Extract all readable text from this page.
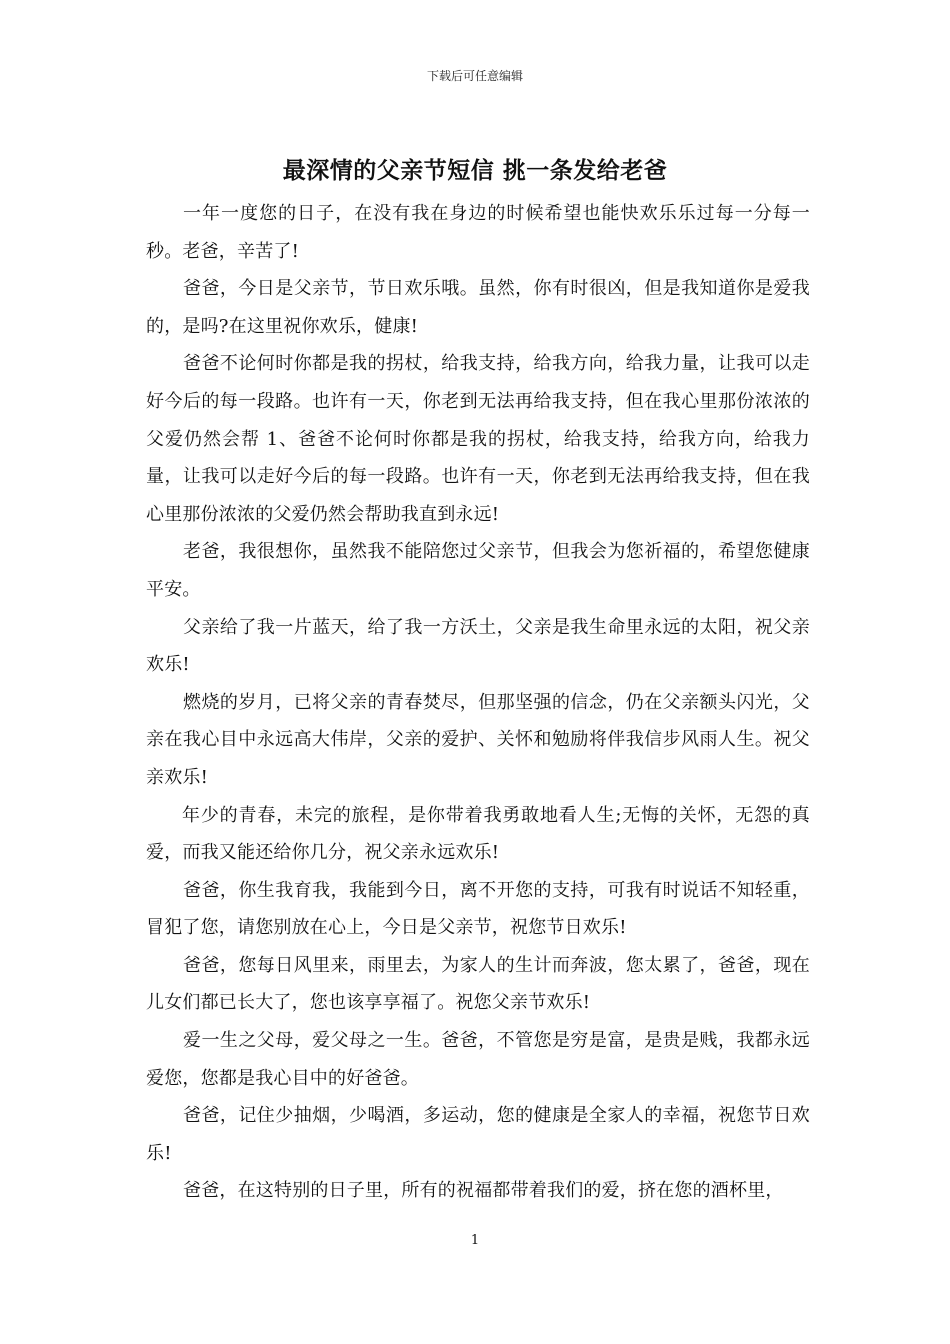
下载后可任意编辑
最深情的父亲节短信 挑一条发给老爸

一年一度您的日子，在没有我在身边的时候希望也能快欢乐乐过每一分每一秒。老爸，辛苦了!

爸爸，今日是父亲节，节日欢乐哦。虽然，你有时很凶，但是我知道你是爱我的，是吗?在这里祝你欢乐，健康!

爸爸不论何时你都是我的拐杖，给我支持，给我方向，给我力量，让我可以走好今后的每一段路。也许有一天，你老到无法再给我支持，但在我心里那份浓浓的父爱仍然会帮 1、爸爸不论何时你都是我的拐杖，给我支持，给我方向，给我力量，让我可以走好今后的每一段路。也许有一天，你老到无法再给我支持，但在我心里那份浓浓的父爱仍然会帮助我直到永远!

老爸，我很想你，虽然我不能陪您过父亲节，但我会为您祈福的，希望您健康平安。

父亲给了我一片蓝天，给了我一方沃土，父亲是我生命里永远的太阳，祝父亲欢乐!

燃烧的岁月，已将父亲的青春焚尽，但那坚强的信念，仍在父亲额头闪光，父亲在我心目中永远高大伟岸，父亲的爱护、关怀和勉励将伴我信步风雨人生。祝父亲欢乐!

年少的青春，未完的旅程，是你带着我勇敢地看人生;无悔的关怀，无怨的真爱，而我又能还给你几分，祝父亲永远欢乐!

爸爸，你生我育我，我能到今日，离不开您的支持，可我有时说话不知轻重，冒犯了您，请您别放在心上，今日是父亲节，祝您节日欢乐!

爸爸，您每日风里来，雨里去，为家人的生计而奔波，您太累了，爸爸，现在儿女们都已长大了，您也该享享福了。祝您父亲节欢乐!

爱一生之父母，爱父母之一生。爸爸，不管您是穷是富，是贵是贱，我都永远爱您，您都是我心目中的好爸爸。

爸爸，记住少抽烟，少喝酒，多运动，您的健康是全家人的幸福，祝您节日欢乐!

爸爸，在这特别的日子里，所有的祝福都带着我们的爱，挤在您的酒杯里，

1
